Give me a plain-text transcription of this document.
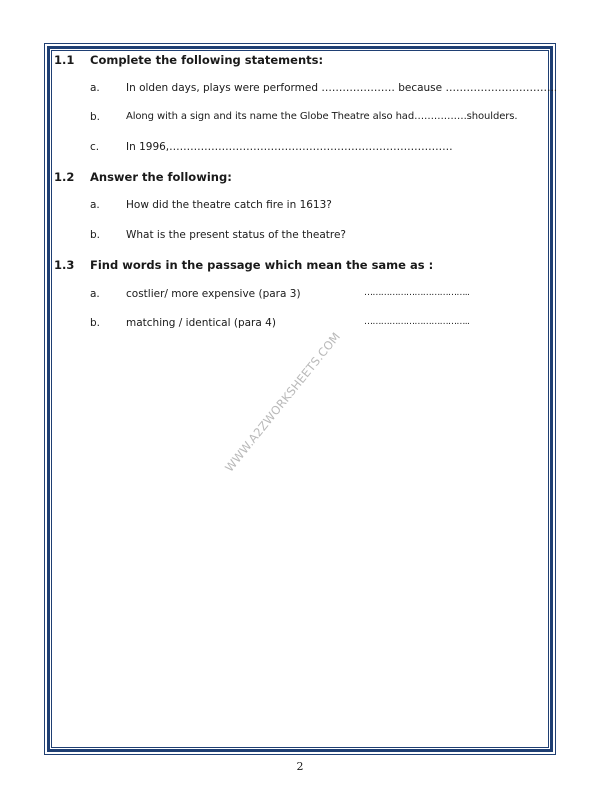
1.1 Complete the following statements:
a. In olden days, plays were performed ………………… because …………………………..
b.	Along with a sign and its name the Globe Theatre also had…………….shoulders.
c.	In 1996,………………………………………………………………………
1.2 Answer the following:
a. How did the theatre catch fire in 1613?
b. What is the present status of the theatre?
1.3 Find words in the passage which mean the same as :
a. costlier/ more expensive (para 3)	………………………………..
b. matching / identical (para 4)	………………………………..
WWW.A2ZWORKSHEETS.COM
2
